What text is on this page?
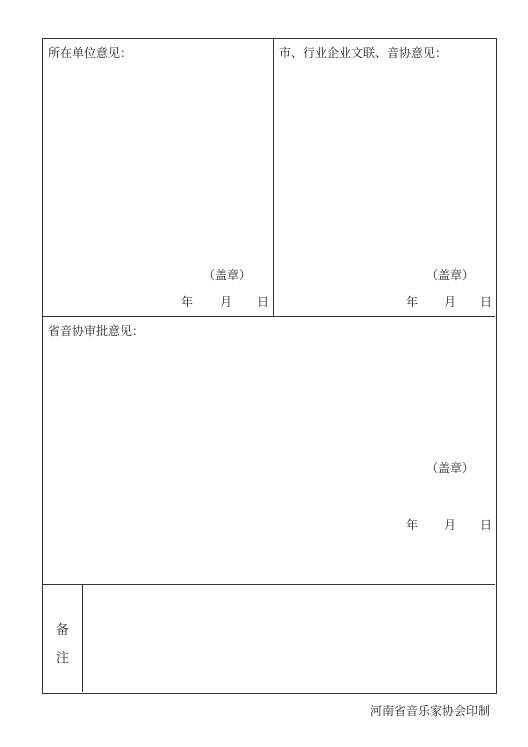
所在单位意见：
（盖章）
年 月 日
市、行业企业文联、音协意见：
（盖章）
年 月 日
省音协审批意见：
（盖章）
年 月 日
备
注
河南省音乐家协会印制
